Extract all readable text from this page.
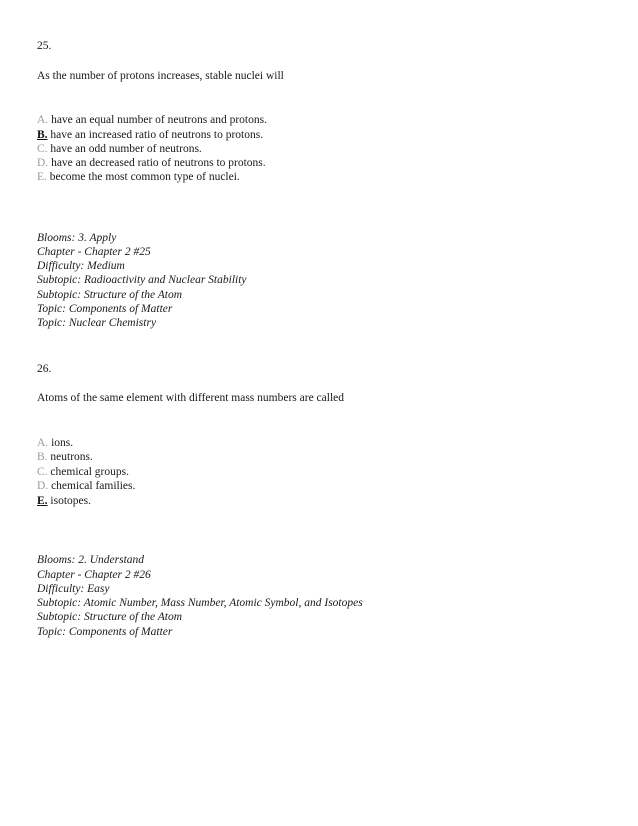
25.
As the number of protons increases, stable nuclei will
A. have an equal number of neutrons and protons.
B. have an increased ratio of neutrons to protons.
C. have an odd number of neutrons.
D. have an decreased ratio of neutrons to protons.
E. become the most common type of nuclei.
Blooms: 3. Apply
Chapter - Chapter 2 #25
Difficulty: Medium
Subtopic: Radioactivity and Nuclear Stability
Subtopic: Structure of the Atom
Topic: Components of Matter
Topic: Nuclear Chemistry
26.
Atoms of the same element with different mass numbers are called
A. ions.
B. neutrons.
C. chemical groups.
D. chemical families.
E. isotopes.
Blooms: 2. Understand
Chapter - Chapter 2 #26
Difficulty: Easy
Subtopic: Atomic Number, Mass Number, Atomic Symbol, and Isotopes
Subtopic: Structure of the Atom
Topic: Components of Matter
